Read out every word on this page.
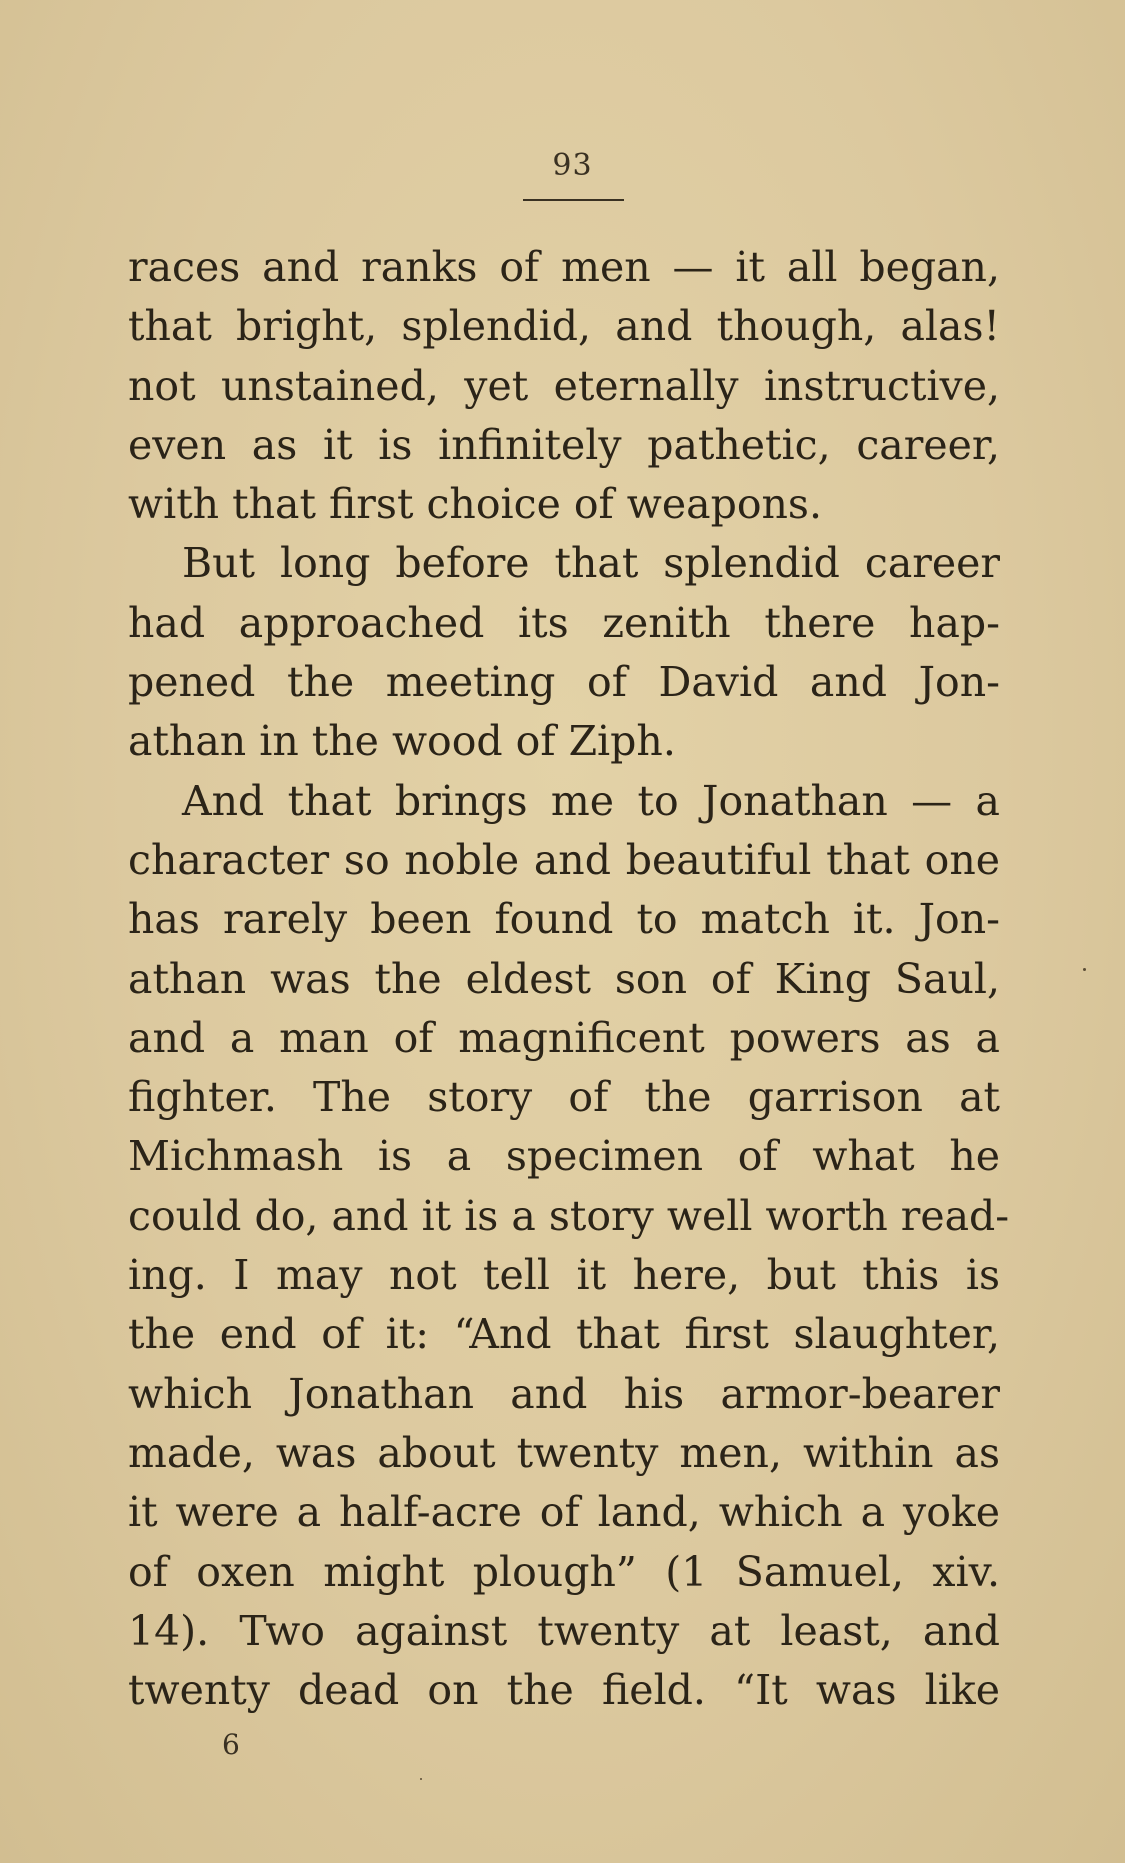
93
races and ranks of men — it all began,
that bright, splendid, and though, alas!
not unstained, yet eternally instructive,
even as it is infinitely pathetic, career,
with that first choice of weapons.
But long before that splendid career
had approached its zenith there hap-
pened the meeting of David and Jon-
athan in the wood of Ziph.
And that brings me to Jonathan — a
character so noble and beautiful that one
has rarely been found to match it. Jon-
athan was the eldest son of King Saul,
and a man of magnificent powers as a
fighter. The story of the garrison at
Michmash is a specimen of what he
could do, and it is a story well worth read-
ing. I may not tell it here, but this is
the end of it: “And that first slaughter,
which Jonathan and his armor-bearer
made, was about twenty men, within as
it were a half-acre of land, which a yoke
of oxen might plough” (1 Samuel, xiv.
14). Two against twenty at least, and
twenty dead on the field. “It was like
6
